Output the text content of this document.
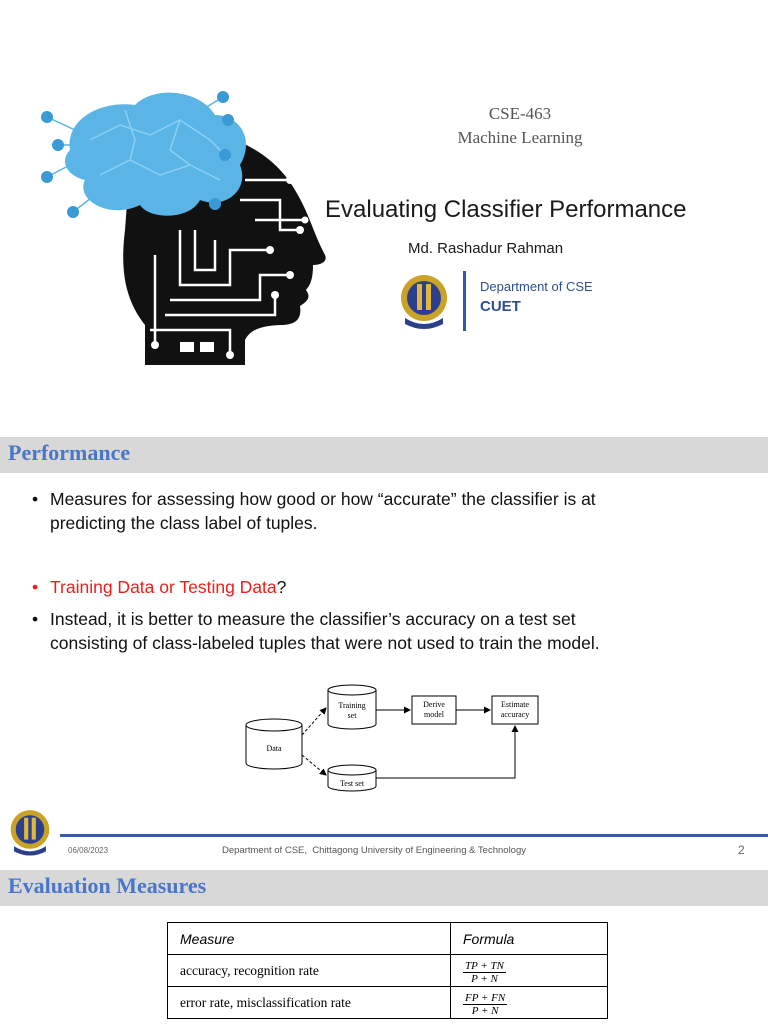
CSE-463
Machine Learning
Evaluating Classifier Performance
Md. Rashadur Rahman
Department of CSE
CUET
Performance
• Measures for assessing how good or how “accurate” the classifier is at
predicting the class label of tuples.
• Training Data or Testing Data?
• Instead, it is better to measure the classifier’s accuracy on a test set
consisting of class-labeled tuples that were not used to train the model.
Data
Training
set
Test set
Derive
model
Estimate
accuracy
06/08/2023	Department of CSE,  Chittagong University of Engineering & Technology	2
Evaluation Measures
Measure	Formula
accuracy, recognition rate	$\frac{TP + TN}{P + N}$

error rate, misclassification rate	$\frac{FP + FN}{P + N}$
